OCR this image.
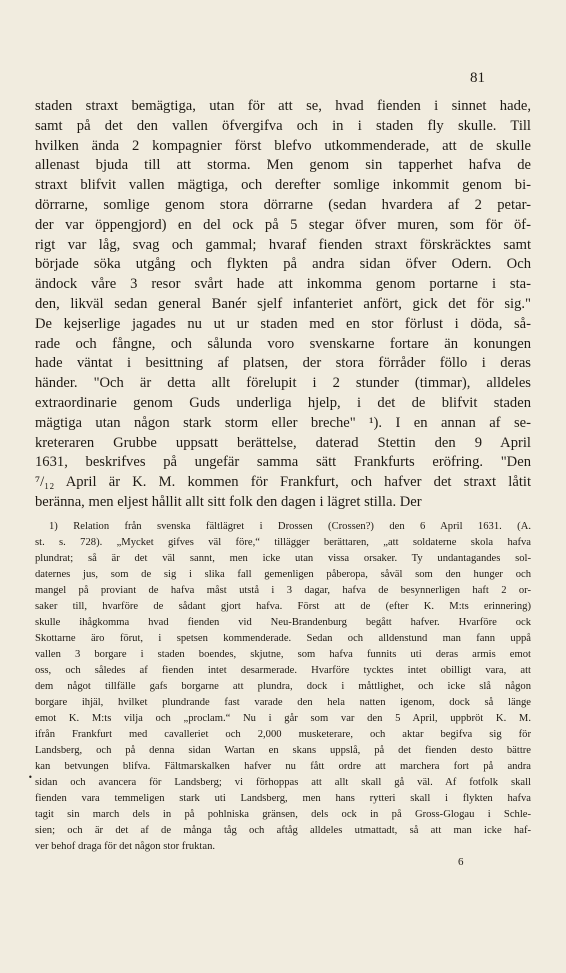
81
staden straxt bemägtiga, utan för att se, hvad fienden i sinnet hade,
samt på det den vallen öfvergifva och in i staden fly skulle. Till
hvilken ända 2 kompagnier först blefvo utkommenderade, att de skulle
allenast bjuda till att storma. Men genom sin tapperhet hafva de
straxt blifvit vallen mägtiga, och derefter somlige inkommit genom bi-
dörrarne, somlige genom stora dörrarne (sedan hvardera af 2 petar-
der var öppengjord) en del ock på 5 stegar öfver muren, som för öf-
rigt var låg, svag och gammal; hvaraf fienden straxt förskräcktes samt
började söka utgång och flykten på andra sidan öfver Odern. Och
ändock våre 3 resor svårt hade att inkomma genom portarne i sta-
den, likväl sedan general Banér sjelf infanteriet anfört, gick det för sig."
De kejserlige jagades nu ut ur staden med en stor förlust i döda, så-
rade och fångne, och sålunda voro svenskarne fortare än konungen
hade väntat i besittning af platsen, der stora förråder föllo i deras
händer. "Och är detta allt förelupit i 2 stunder (timmar), alldeles
extraordinarie genom Guds underliga hjelp, i det de blifvit staden
mägtiga utan någon stark storm eller breche" ¹). I en annan af se-
kreteraren Grubbe uppsatt berättelse, daterad Stettin den 9 April
1631, beskrifves på ungefär samma sätt Frankfurts eröfring. "Den
⁷/₁₂ April är K. M. kommen för Frankfurt, och hafver det straxt låtit
beränna, men eljest hållit allt sitt folk den dagen i lägret stilla. Der
1) Relation från svenska fältlägret i Drossen (Crossen?) den 6 April 1631. (A.
st. s. 728). „Mycket gifves väl före,“ tillägger berättaren, „att soldaterne skola hafva
plundrat; så är det väl sannt, men icke utan vissa orsaker. Ty undantagandes sol-
daternes jus, som de sig i slika fall gemenligen påberopa, såväl som den hunger och
mangel på proviant de hafva måst utstå i 3 dagar, hafva de besynnerligen haft 2 or-
saker till, hvarföre de sådant gjort hafva. Först att de (efter K. M:ts erinnering)
skulle ihågkomma hvad fienden vid Neu-Brandenburg begått hafver. Hvarföre ock
Skottarne äro förut, i spetsen kommenderade. Sedan och alldenstund man fann uppå
vallen 3 borgare i staden boendes, skjutne, som hafva funnits uti deras armis emot
oss, och således af fienden intet desarmerade. Hvarföre tycktes intet obilligt vara, att
dem något tillfälle gafs borgarne att plundra, dock i måttlighet, och icke slå någon
borgare ihjäl, hvilket plundrande fast varade den hela natten igenom, dock så länge
emot K. M:ts vilja och „proclam.“ Nu i går som var den 5 April, uppbröt K. M.
ifrån Frankfurt med cavalleriet och 2,000 musketerare, och aktar begifva sig för
Landsberg, och på denna sidan Wartan en skans uppslå, på det fienden desto bättre
kan betvungen blifva. Fältmarskalken hafver nu fått ordre att marchera fort på andra
sidan och avancera för Landsberg; vi förhoppas att allt skall gå väl. Af fotfolk skall
fienden vara temmeligen stark uti Landsberg, men hans rytteri skall i flykten hafva
tagit sin march dels in på pohlniska gränsen, dels ock in på Gross-Glogau i Schle-
sien; och är det af de många tåg och aftåg alldeles utmattadt, så att man icke haf-
ver behof draga för det någon stor fruktan.
•
6
